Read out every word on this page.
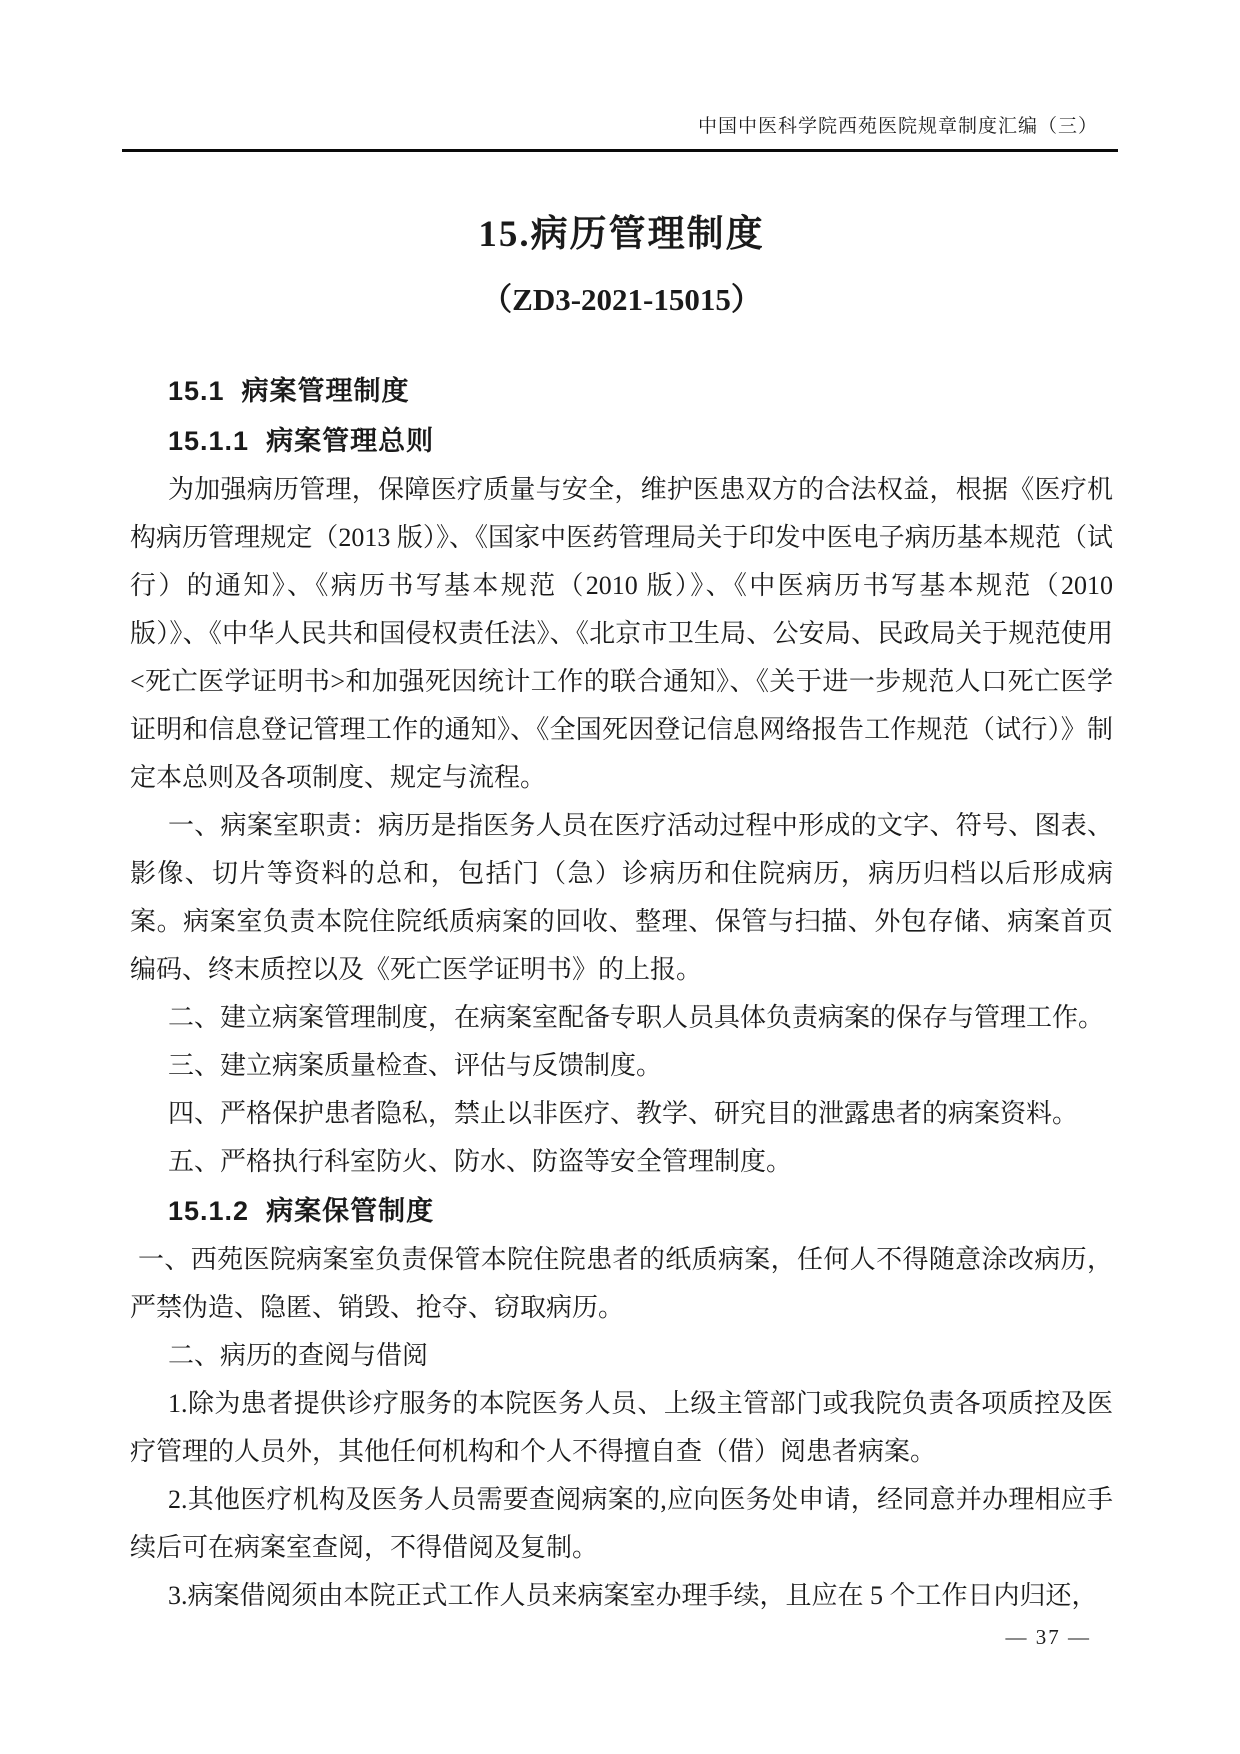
中国中医科学院西苑医院规章制度汇编（三）
15.病历管理制度
（ZD3-2021-15015）
15.1  病案管理制度
15.1.1  病案管理总则

为加强病历管理，保障医疗质量与安全，维护医患双方的合法权益，根据《医疗机构病历管理规定（2013 版）》、《国家中医药管理局关于印发中医电子病历基本规范（试行）的通知》、《病历书写基本规范（2010 版）》、《中医病历书写基本规范（2010 版）》、《中华人民共和国侵权责任法》、《北京市卫生局、公安局、民政局关于规范使用<死亡医学证明书>和加强死因统计工作的联合通知》、《关于进一步规范人口死亡医学证明和信息登记管理工作的通知》、《全国死因登记信息网络报告工作规范（试行）》制定本总则及各项制度、规定与流程。

一、病案室职责：病历是指医务人员在医疗活动过程中形成的文字、符号、图表、影像、切片等资料的总和，包括门（急）诊病历和住院病历，病历归档以后形成病案。病案室负责本院住院纸质病案的回收、整理、保管与扫描、外包存储、病案首页编码、终末质控以及《死亡医学证明书》的上报。

二、建立病案管理制度，在病案室配备专职人员具体负责病案的保存与管理工作。

三、建立病案质量检查、评估与反馈制度。

四、严格保护患者隐私，禁止以非医疗、教学、研究目的泄露患者的病案资料。

五、严格执行科室防火、防水、防盗等安全管理制度。

15.1.2  病案保管制度

一、西苑医院病案室负责保管本院住院患者的纸质病案，任何人不得随意涂改病历，严禁伪造、隐匿、销毁、抢夺、窃取病历。

二、病历的查阅与借阅

1.除为患者提供诊疗服务的本院医务人员、上级主管部门或我院负责各项质控及医疗管理的人员外，其他任何机构和个人不得擅自查（借）阅患者病案。

2.其他医疗机构及医务人员需要查阅病案的,应向医务处申请，经同意并办理相应手续后可在病案室查阅，不得借阅及复制。

3.病案借阅须由本院正式工作人员来病案室办理手续，且应在 5 个工作日内归还，

— 37 —
